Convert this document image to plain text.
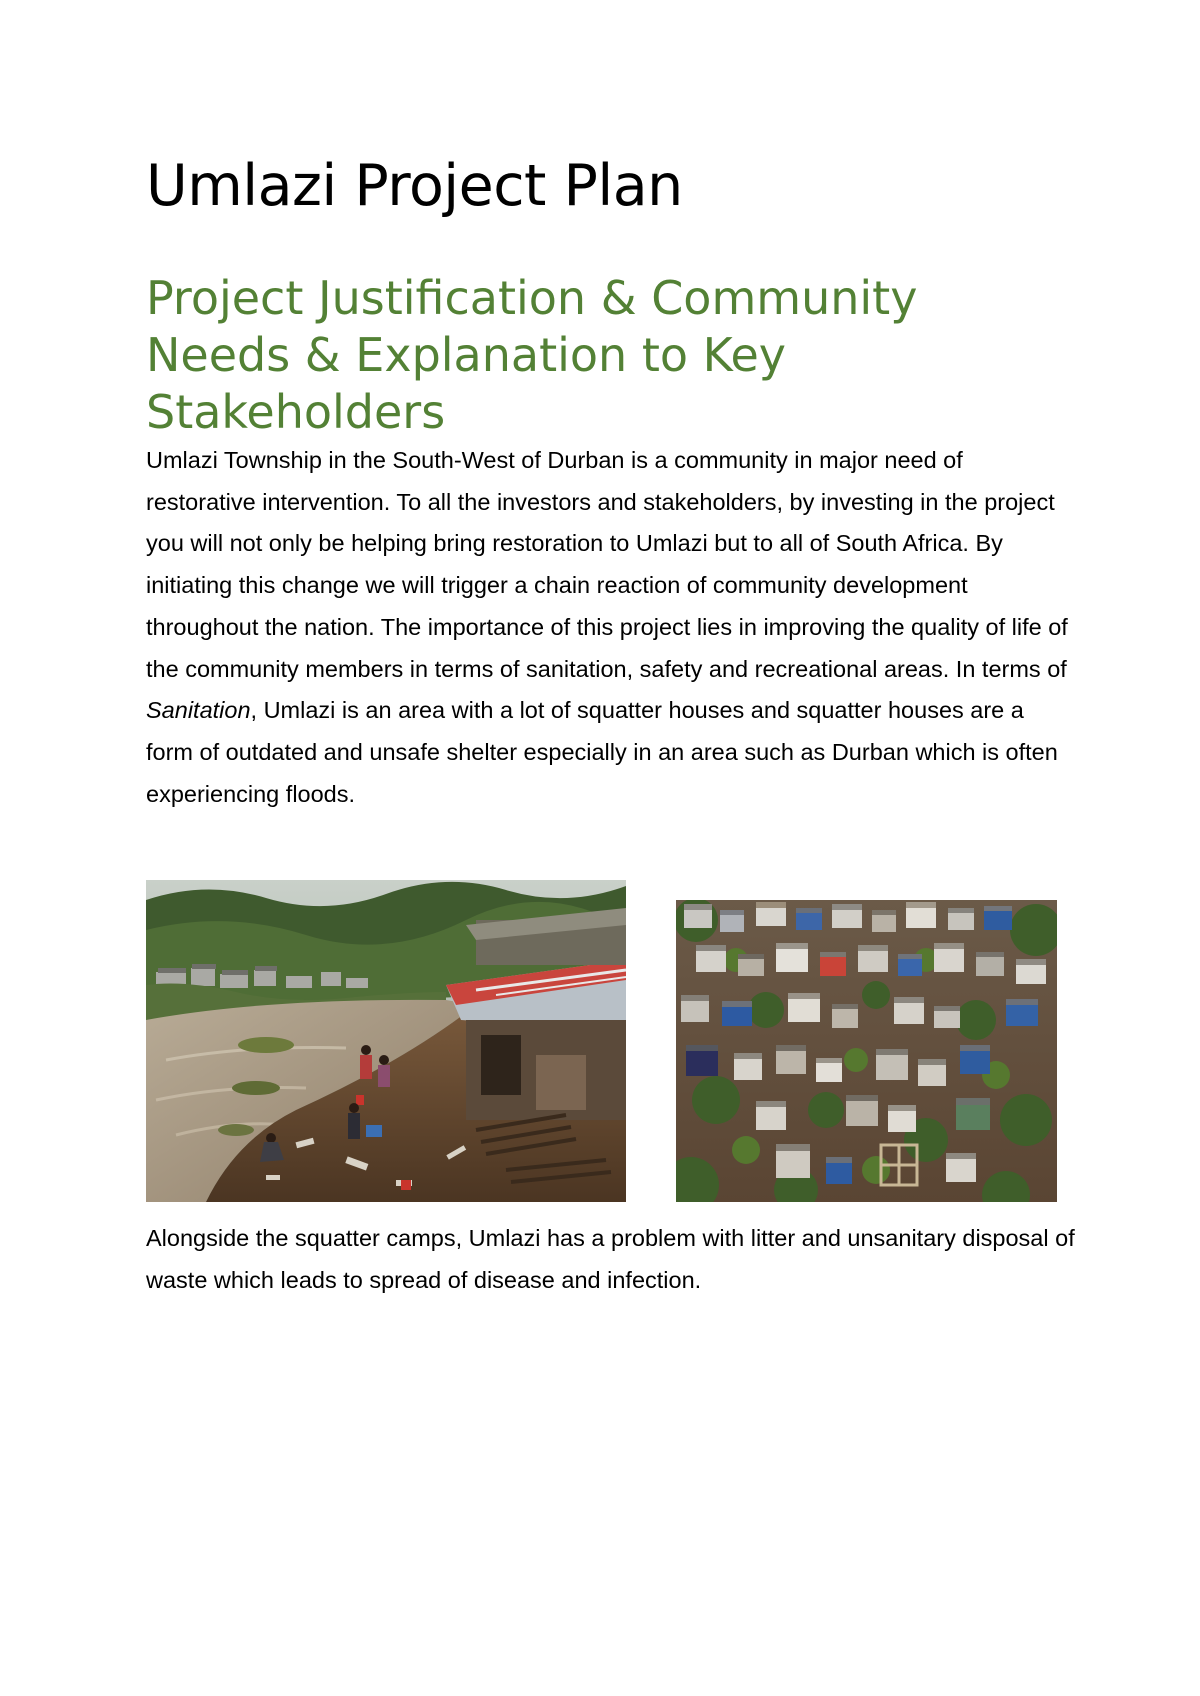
Umlazi Project Plan
Project Justification & Community Needs & Explanation to Key Stakeholders

Umlazi Township in the South-West of Durban is a community in major need of restorative intervention. To all the investors and stakeholders, by investing in the project you will not only be helping bring restoration to Umlazi but to all of South Africa. By initiating this change we will trigger a chain reaction of community development throughout the nation. The importance of this project lies in improving the quality of life of the community members in terms of sanitation, safety and recreational areas. In terms of Sanitation, Umlazi is an area with a lot of squatter houses and squatter houses are a form of outdated and unsafe shelter especially in an area such as Durban which is often experiencing floods.

Alongside the squatter camps, Umlazi has a problem with litter and unsanitary disposal of waste which leads to spread of disease and infection.
